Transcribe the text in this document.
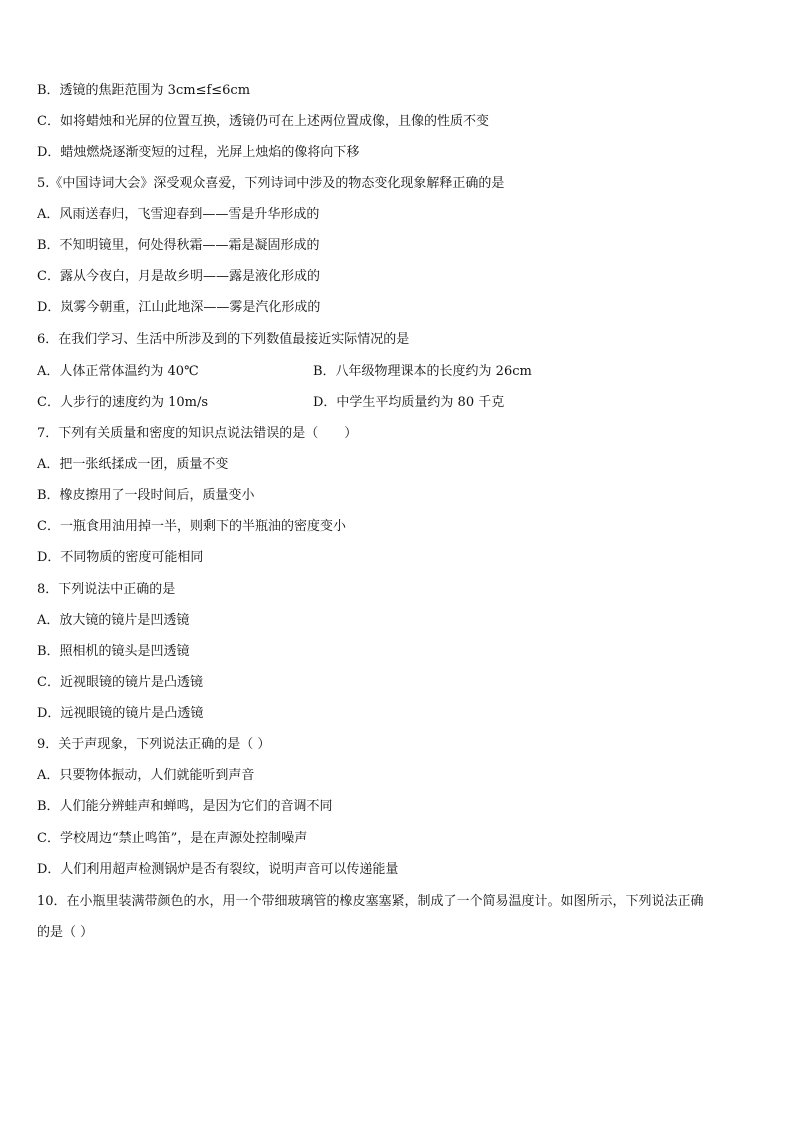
B．透镜的焦距范围为 3cm≤f≤6cm
C．如将蜡烛和光屏的位置互换，透镜仍可在上述两位置成像，且像的性质不变
D．蜡烛燃烧逐渐变短的过程，光屏上烛焰的像将向下移
5.《中国诗词大会》深受观众喜爱，下列诗词中涉及的物态变化现象解释正确的是
A．风雨送春归，飞雪迎春到——雪是升华形成的
B．不知明镜里，何处得秋霜——霜是凝固形成的
C．露从今夜白，月是故乡明——露是液化形成的
D．岚雾今朝重，江山此地深——雾是汽化形成的
6．在我们学习、生活中所涉及到的下列数值最接近实际情况的是
A．人体正常体温约为 40℃	B．八年级物理课本的长度约为 26cm
C．人步行的速度约为 10m/s	D．中学生平均质量约为 80 千克
7．下列有关质量和密度的知识点说法错误的是（　　）
A．把一张纸揉成一团，质量不变
B．橡皮擦用了一段时间后，质量变小
C．一瓶食用油用掉一半，则剩下的半瓶油的密度变小
D．不同物质的密度可能相同
8．下列说法中正确的是
A．放大镜的镜片是凹透镜
B．照相机的镜头是凹透镜
C．近视眼镜的镜片是凸透镜
D．远视眼镜的镜片是凸透镜
9．关于声现象，下列说法正确的是（ ）
A．只要物体振动，人们就能听到声音
B．人们能分辨蛙声和蝉鸣，是因为它们的音调不同
C．学校周边“禁止鸣笛”，是在声源处控制噪声
D．人们利用超声检测锅炉是否有裂纹，说明声音可以传递能量
10．在小瓶里装满带颜色的水，用一个带细玻璃管的橡皮塞塞紧，制成了一个简易温度计。如图所示，下列说法正确
的是（ ）
